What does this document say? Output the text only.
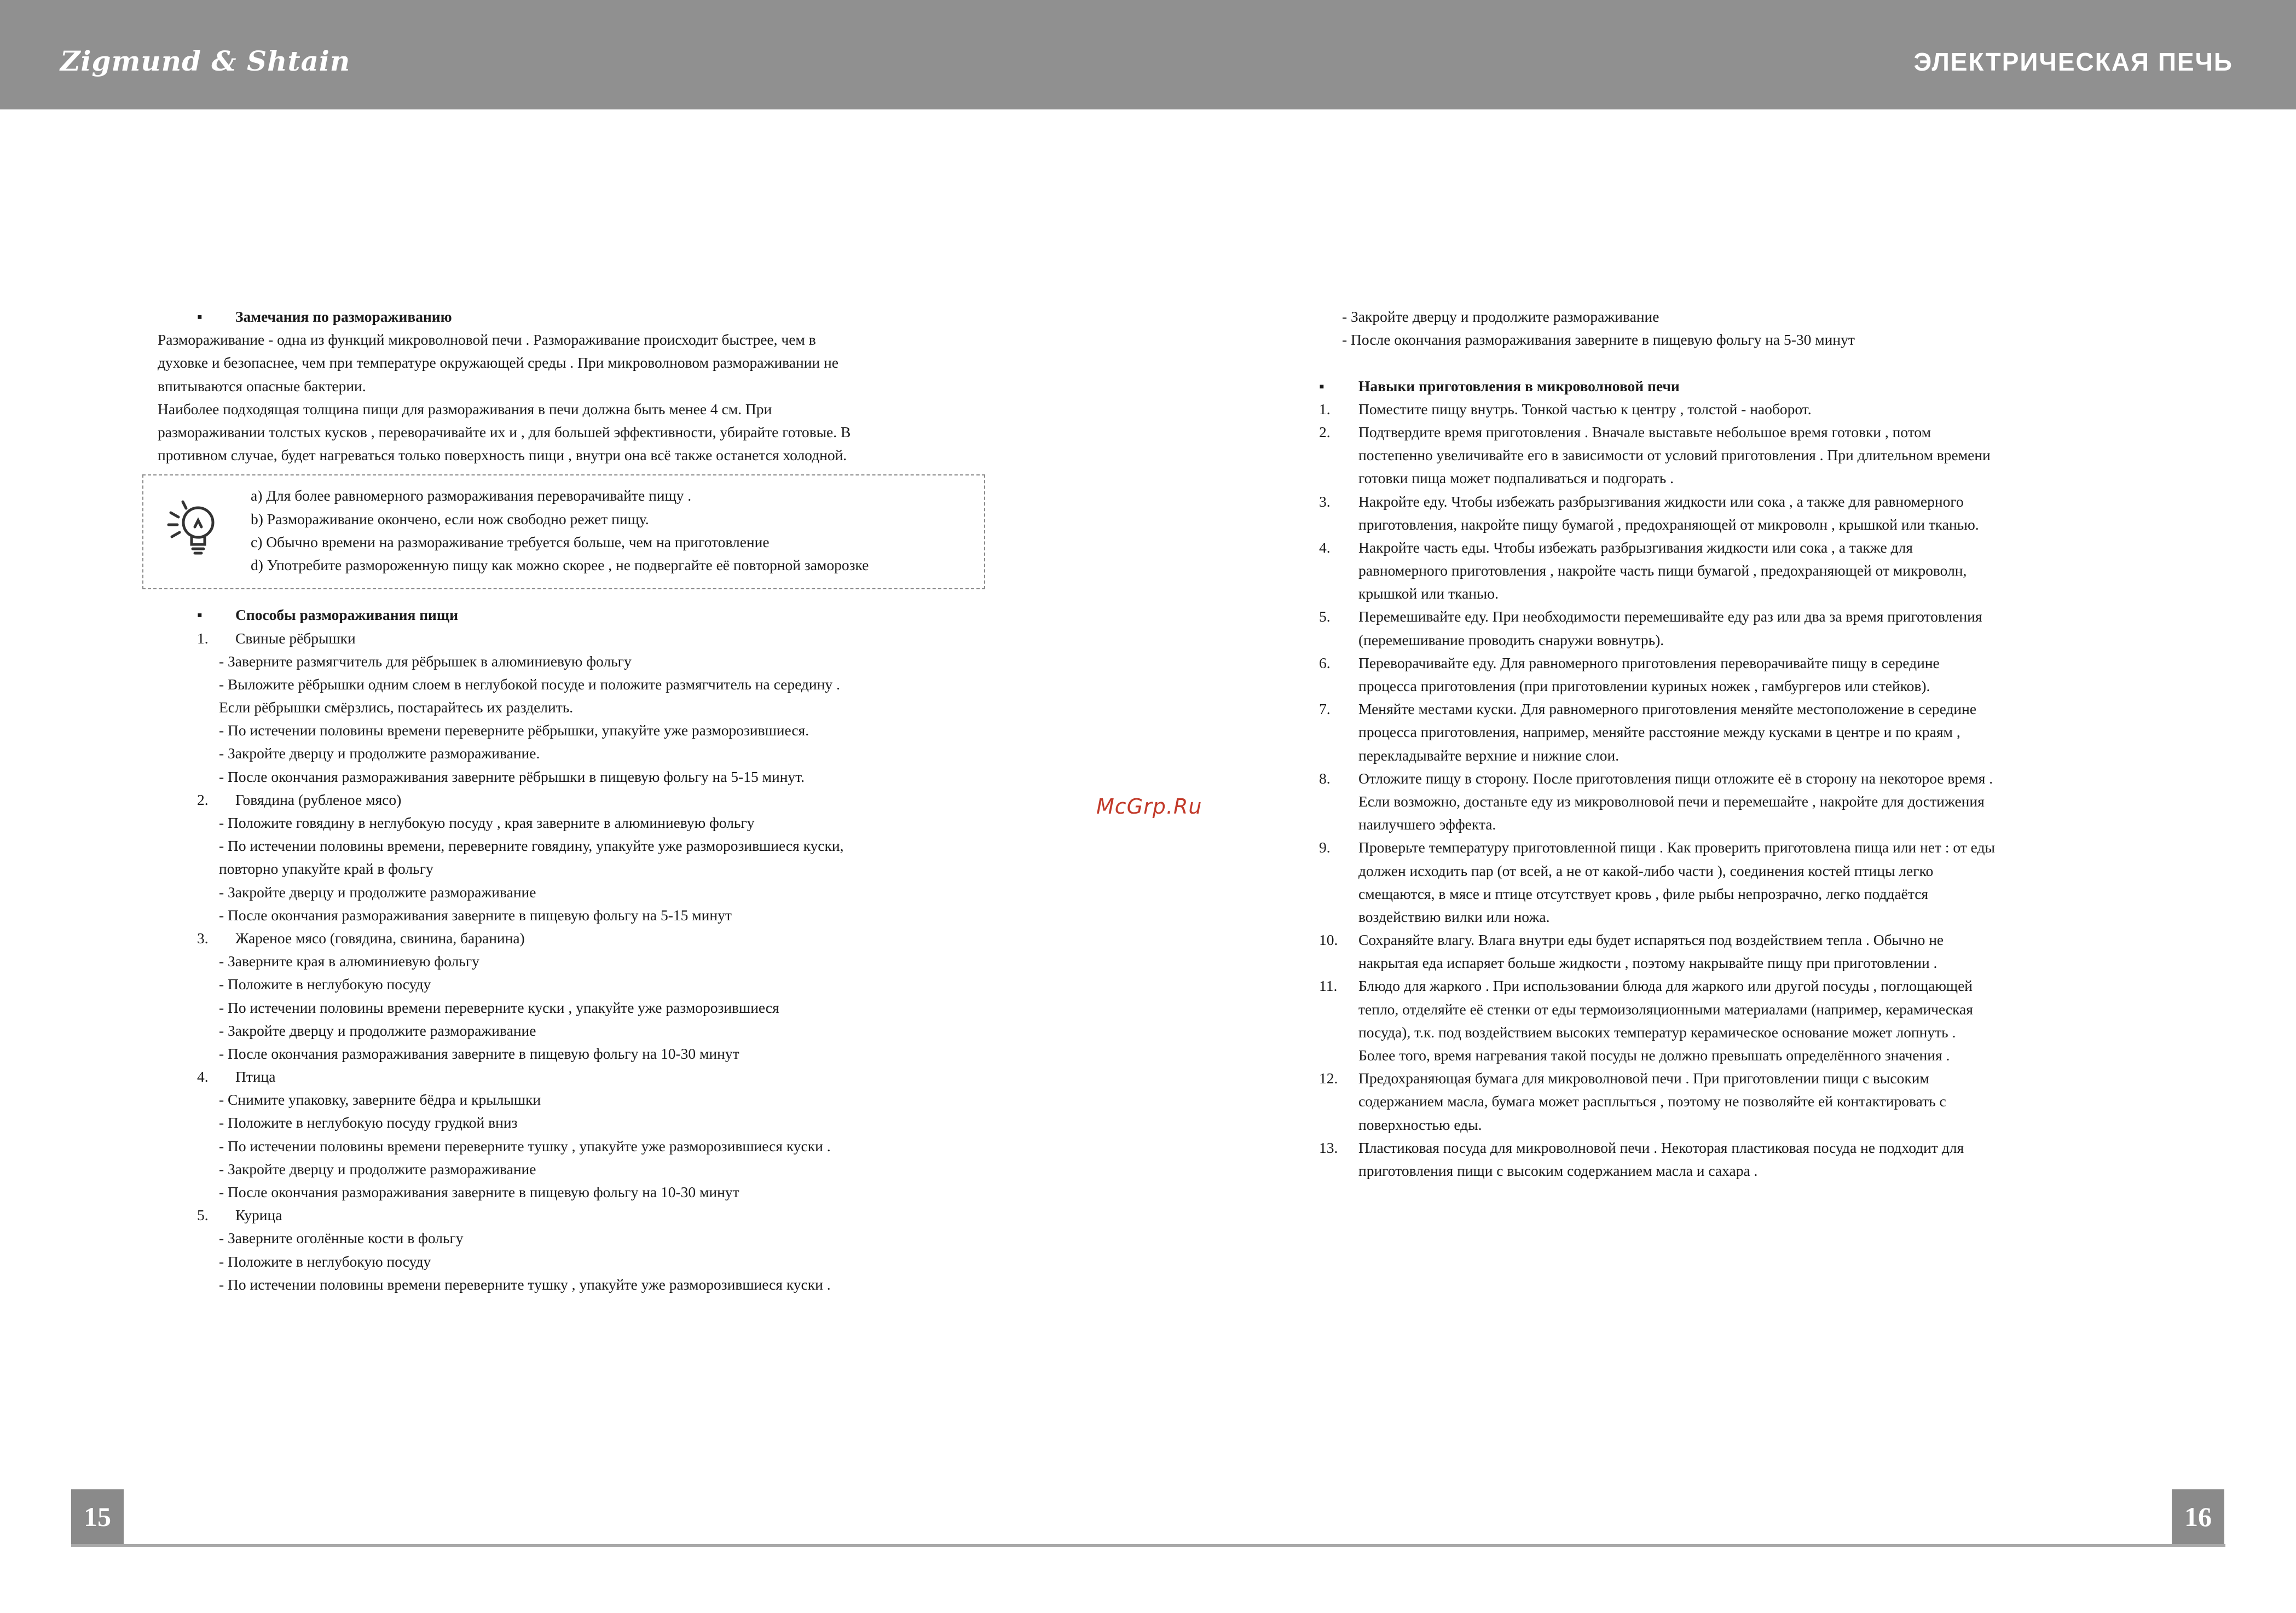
Zigmund & Shtain	ЭЛЕКТРИЧЕСКАЯ ПЕЧЬ
▪ Замечания по размораживанию
Размораживание - одна из функций микроволновой печи . Размораживание происходит быстрее, чем в
духовке и безопаснее, чем при температуре окружающей среды . При микроволновом размораживании не
впитываются опасные бактерии.
Наиболее подходящая толщина пищи для размораживания в печи должна быть менее 4 см. При
размораживании толстых кусков , переворачивайте их и , для большей эффективности, убирайте готовые. В
противном случае, будет нагреваться только поверхность пищи , внутри она всё также останется холодной.
a) Для более равномерного размораживания переворачивайте пищу .
b) Размораживание окончено, если нож свободно режет пищу.
c) Обычно времени на размораживание требуется больше, чем на приготовление
d) Употребите размороженную пищу как можно скорее , не подвергайте её повторной заморозке
▪ Способы размораживания пищи
1. Свиные рёбрышки
- Заверните размягчитель для рёбрышек в алюминиевую фольгу
- Выложите рёбрышки одним слоем в неглубокой посуде и положите размягчитель на середину .
Если рёбрышки смёрзлись, постарайтесь их разделить.
- По истечении половины времени переверните рёбрышки, упакуйте уже разморозившиеся.
- Закройте дверцу и продолжите размораживание.
- После окончания размораживания заверните рёбрышки в пищевую фольгу на 5-15 минут.
2. Говядина (рубленое мясо)
- Положите говядину в неглубокую посуду , края заверните в алюминиевую фольгу
- По истечении половины времени, переверните говядину, упакуйте уже разморозившиеся куски,
повторно упакуйте край в фольгу
- Закройте дверцу и продолжите размораживание
- После окончания размораживания заверните в пищевую фольгу на 5-15 минут
3. Жареное мясо (говядина, свинина, баранина)
- Заверните края в алюминиевую фольгу
- Положите в неглубокую посуду
- По истечении половины времени переверните куски , упакуйте уже разморозившиеся
- Закройте дверцу и продолжите размораживание
- После окончания размораживания заверните в пищевую фольгу на 10-30 минут
4. Птица
- Снимите упаковку, заверните бёдра и крылышки
- Положите в неглубокую посуду грудкой вниз
- По истечении половины времени переверните тушку , упакуйте уже разморозившиеся куски .
- Закройте дверцу и продолжите размораживание
- После окончания размораживания заверните в пищевую фольгу на 10-30 минут
5. Курица
- Заверните оголённые кости в фольгу
- Положите в неглубокую посуду
- По истечении половины времени переверните тушку , упакуйте уже разморозившиеся куски .
McGrp.Ru
- Закройте дверцу и продолжите размораживание
- После окончания размораживания заверните в пищевую фольгу на 5-30 минут
▪ Навыки приготовления в микроволновой печи
1. Поместите пищу внутрь. Тонкой частью к центру , толстой - наоборот.
2. Подтвердите время приготовления . Вначале выставьте небольшое время готовки , потом
постепенно увеличивайте его в зависимости от условий приготовления . При длительном времени
готовки пища может подпаливаться и подгорать .
3. Накройте еду. Чтобы избежать разбрызгивания жидкости или сока , а также для равномерного
приготовления, накройте пищу бумагой , предохраняющей от микроволн , крышкой или тканью.
4. Накройте часть еды. Чтобы избежать разбрызгивания жидкости или сока , а также для
равномерного приготовления , накройте часть пищи бумагой , предохраняющей от микроволн,
крышкой или тканью.
5. Перемешивайте еду. При необходимости перемешивайте еду раз или два за время приготовления
(перемешивание проводить снаружи вовнутрь).
6. Переворачивайте еду. Для равномерного приготовления переворачивайте пищу в середине
процесса приготовления (при приготовлении куриных ножек , гамбургеров или стейков).
7. Меняйте местами куски. Для равномерного приготовления меняйте местоположение в середине
процесса приготовления, например, меняйте расстояние между кусками в центре и по краям ,
перекладывайте верхние и нижние слои.
8. Отложите пищу в сторону. После приготовления пищи отложите её в сторону на некоторое время .
Если возможно, достаньте еду из микроволновой печи и перемешайте , накройте для достижения
наилучшего эффекта.
9. Проверьте температуру приготовленной пищи . Как проверить приготовлена пища или нет : от еды
должен исходить пар (от всей, а не от какой-либо части ), соединения костей птицы легко
смещаются, в мясе и птице отсутствует кровь , филе рыбы непрозрачно, легко поддаётся
воздействию вилки или ножа.
10. Сохраняйте влагу. Влага внутри еды будет испаряться под воздействием тепла . Обычно не
накрытая еда испаряет больше жидкости , поэтому накрывайте пищу при приготовлении .
11. Блюдо для жаркого . При использовании блюда для жаркого или другой посуды , поглощающей
тепло, отделяйте её стенки от еды термоизоляционными материалами (например, керамическая
посуда), т.к. под воздействием высоких температур керамическое основание может лопнуть .
Более того, время нагревания такой посуды не должно превышать определённого значения .
12. Предохраняющая бумага для микроволновой печи . При приготовлении пищи с высоким
содержанием масла, бумага может расплыться , поэтому не позволяйте ей контактировать с
поверхностью еды.
13. Пластиковая посуда для микроволновой печи . Некоторая пластиковая посуда не подходит для
приготовления пищи с высоким содержанием масла и сахара .
15	16
